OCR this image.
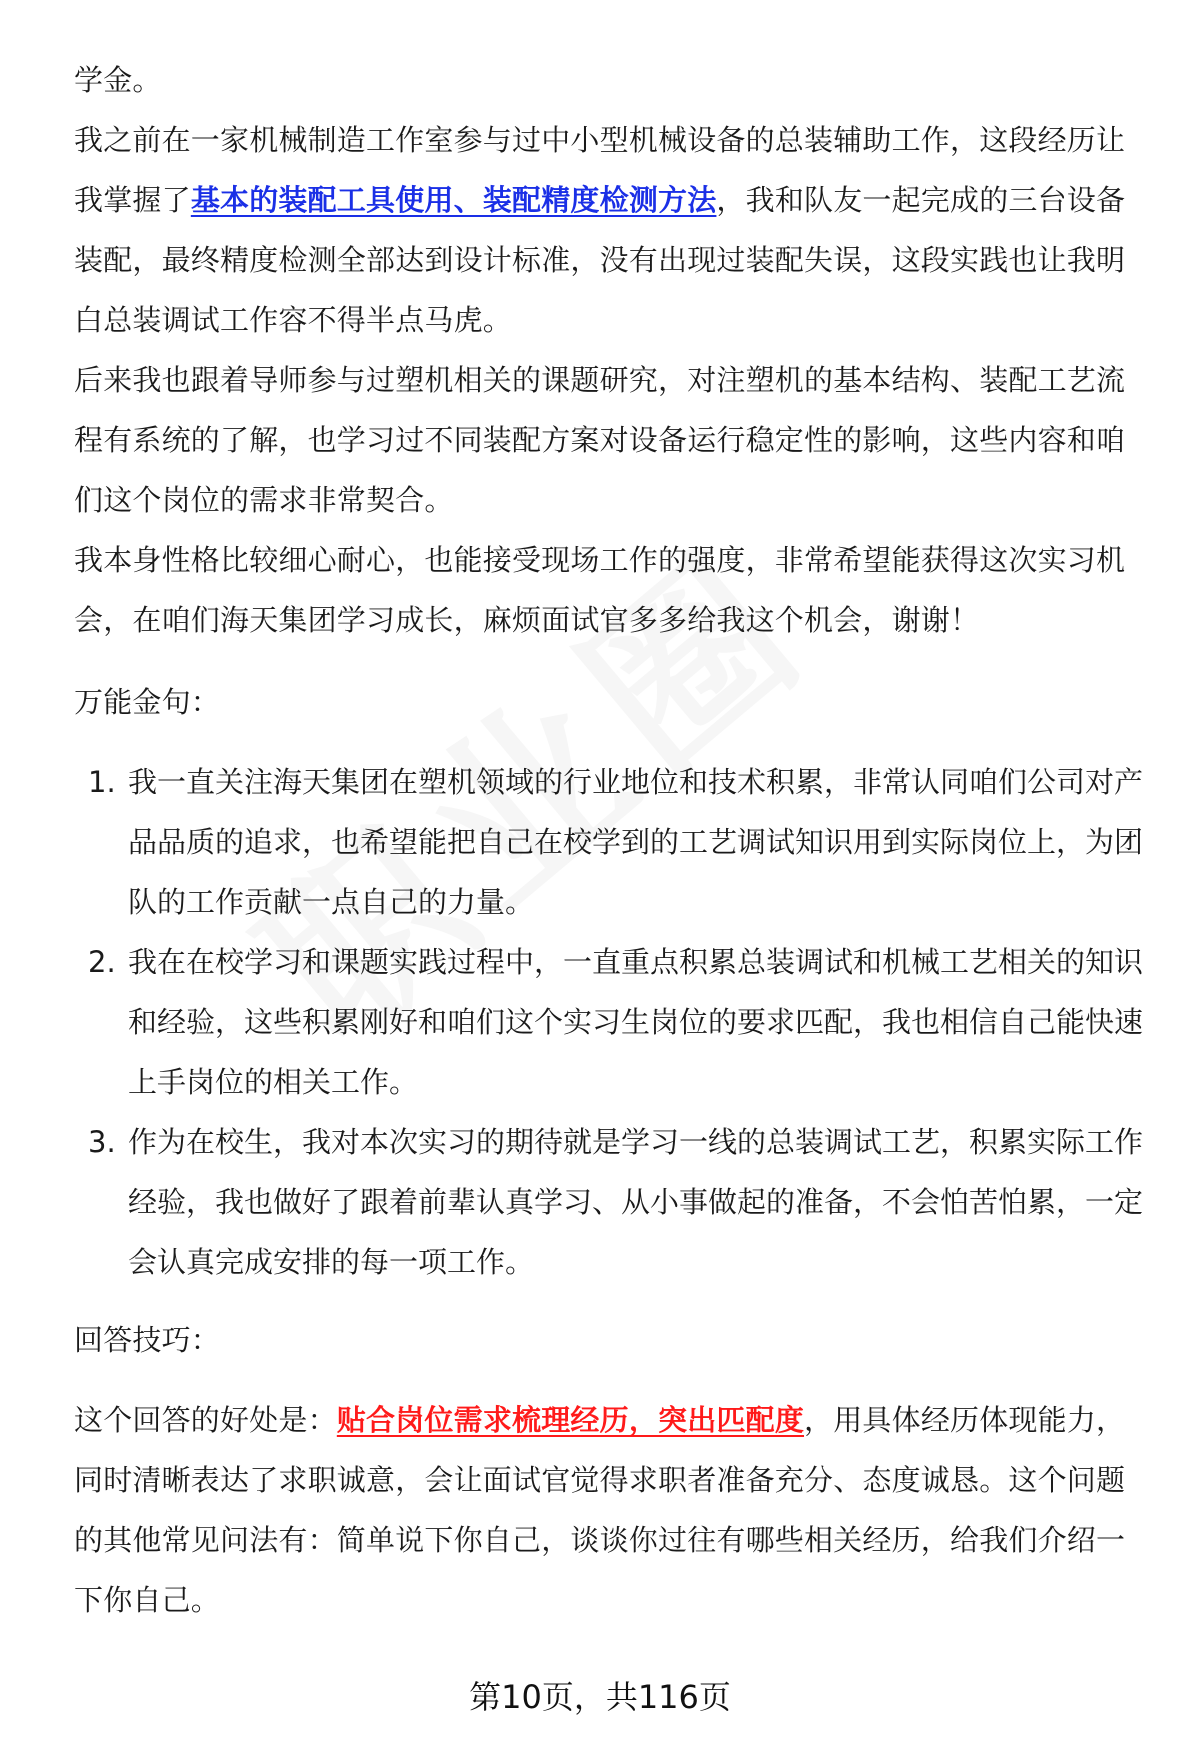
学金。

我之前在一家机械制造工作室参与过中小型机械设备的总装辅助工作，这段经历让我掌握了基本的装配工具使用、装配精度检测方法，我和队友一起完成的三台设备装配，最终精度检测全部达到设计标准，没有出现过装配失误，这段实践也让我明白总装调试工作容不得半点马虎。

后来我也跟着导师参与过塑机相关的课题研究，对注塑机的基本结构、装配工艺流程有系统的了解，也学习过不同装配方案对设备运行稳定性的影响，这些内容和咱们这个岗位的需求非常契合。

我本身性格比较细心耐心，也能接受现场工作的强度，非常希望能获得这次实习机会，在咱们海天集团学习成长，麻烦面试官多多给我这个机会，谢谢！

万能金句：

1. 我一直关注海天集团在塑机领域的行业地位和技术积累，非常认同咱们公司对产品品质的追求，也希望能把自己在校学到的工艺调试知识用到实际岗位上，为团队的工作贡献一点自己的力量。
2. 我在在校学习和课题实践过程中，一直重点积累总装调试和机械工艺相关的知识和经验，这些积累刚好和咱们这个实习生岗位的要求匹配，我也相信自己能快速上手岗位的相关工作。
3. 作为在校生，我对本次实习的期待就是学习一线的总装调试工艺，积累实际工作经验，我也做好了跟着前辈认真学习、从小事做起的准备，不会怕苦怕累，一定会认真完成安排的每一项工作。

回答技巧：

这个回答的好处是：贴合岗位需求梳理经历，突出匹配度，用具体经历体现能力，同时清晰表达了求职诚意，会让面试官觉得求职者准备充分、态度诚恳。这个问题的其他常见问法有：简单说下你自己，谈谈你过往有哪些相关经历，给我们介绍一下你自己。

第10页，共116页
